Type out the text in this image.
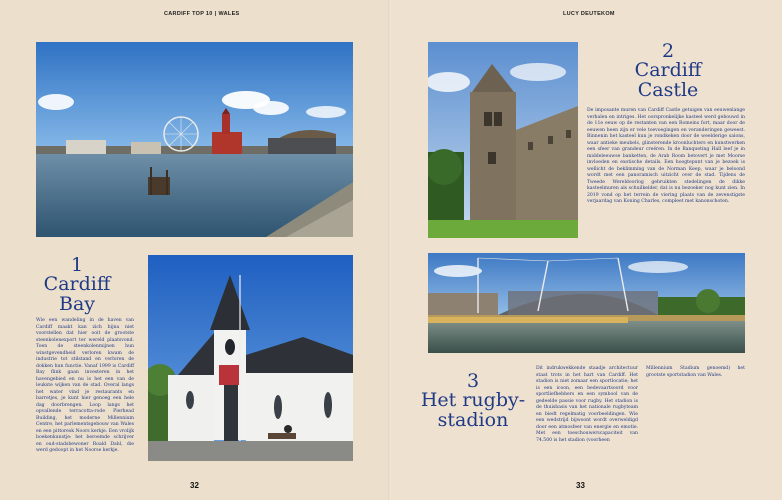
CARDIFF TOP 10 | WALES
1
Cardiff
Bay
Wie een wandeling in de haven van Cardiff maakt kan zich bijna niet voorstellen dat hier ooit de grootste steenkolenexport ter wereld plaatsvond. Toen de steenkolenmijnen hun winstgevendheid verloren kwam de industrie tot stilstand en verloren de dokken hun functie. Vanaf 1999 is Cardiff Bay flink gaan investeren in het havengebied en nu is het een van de leukste wijken van de stad. Overal langs het water vind je restaurants en barretjes, je kunt hier genoeg een hele dag doorbrengen. Loop langs het opvallende terracotta-rode Pierhead Building, het moderne Millennium Centre, het parlementsgebouw van Wales en een pittoresk Noors kerkje. Een vrolijk boekenkunstje: het beroemde schrijver en oud-stadsbewoner Roald Dahl, die werd gedoopt in het Noorse kerkje.
32
LUCY DEUTEKOM
2
Cardiff
Castle
De imposante muren van Cardiff Castle getuigen van eeuwenlange verhalen en intriges. Het oorspronkelijke kasteel werd gebouwd in de 11e eeuw op de restanten van een Romeins fort, maar door de eeuwen heen zijn er vele toevoegingen en veranderingen geweest. Binnenin het kasteel kun je rondkeken door de weelderige salons, waar antieke meubels, glinsterende kroonluchters en kunstwerken een sfeer van grandeur creëren. In de Banqueting Hall leef je in middeleeuwse banketten, de Arab Room betovert je met Moorse invloeden en exotische details. Een hoogtepunt van je bezoek is wellicht de beklimming van de Norman Keep, waar je beloond wordt met een panoramisch uitzicht over de stad. Tijdens de Tweede Wereldoorlog gebruikten stedelingen de dikke kasteelmuren als schuilkelder, dat is nu bezoeker nog kunt zien. In 2019 vond op het terrein de viering plaats van de zevenstigste verjaardag van Koning Charles, compleet met kanonschoten.
3
Het rugby-
stadion
Dit indrukwekkende staadje architectuur staat trots in het hart van Cardiff. Het stadion is niet zomaar een sportlocatie; het is een icoon, een bedevaartsoord voor sportliefhebbers en een symbool van de gedeelde passie voor rugby. Het stadion is de thuisbasis van het nationale rugbyteam en biedt regelmatig voorbeeldingen. Wie een wedstrijd bijwoont wordt overweldigd door een atmosfeer van energie en emotie. Met een toeschouwerscapaciteit van 74.500 is het stadion (voorheen
Millennium Stadium genoemd) het grootste sportstadion van Wales.
33
